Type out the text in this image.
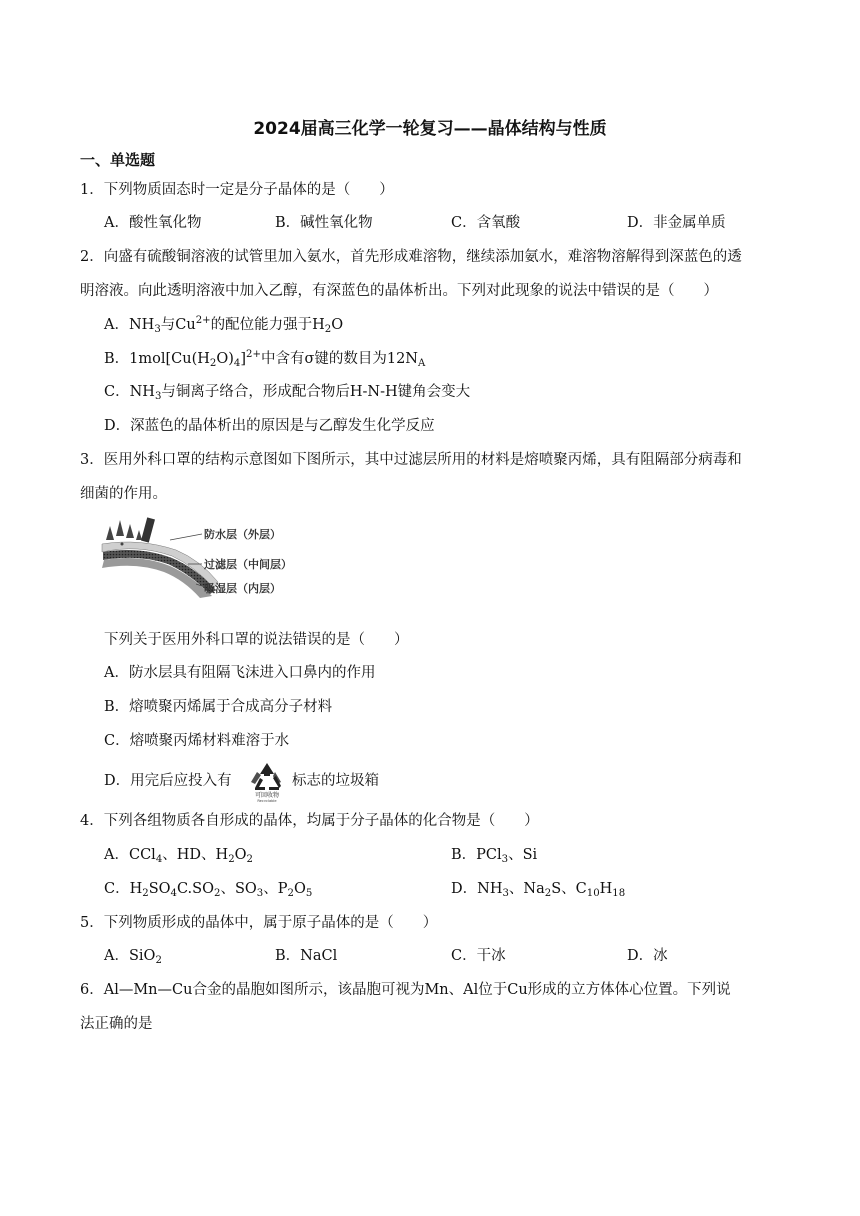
2024届高三化学一轮复习——晶体结构与性质
一、单选题
1．下列物质固态时一定是分子晶体的是（　　）
A．酸性氧化物	B．碱性氧化物	C．含氧酸	D．非金属单质
2．向盛有硫酸铜溶液的试管里加入氨水，首先形成难溶物，继续添加氨水，难溶物溶解得到深蓝色的透
明溶液。向此透明溶液中加入乙醇，有深蓝色的晶体析出。下列对此现象的说法中错误的是（　　）
A．$NH_3$与$Cu^{2+}$的配位能力强于$H_2O$
B．$1mol[Cu(H_2O)_4]^{2+}$中含有σ键的数目为$12N_A$
C．$NH_3$与铜离子络合，形成配合物后H-N-H键角会变大
D．深蓝色的晶体析出的原因是与乙醇发生化学反应
3．医用外科口罩的结构示意图如下图所示，其中过滤层所用的材料是熔喷聚丙烯，具有阻隔部分病毒和
细菌的作用。
防水层（外层）
过滤层（中间层）
吸湿层（内层）
下列关于医用外科口罩的说法错误的是（　　）
A．防水层具有阻隔飞沫进入口鼻内的作用
B．熔喷聚丙烯属于合成高分子材料
C．熔喷聚丙烯材料难溶于水
D．用完后应投入有
可回收物
Recyclable
标志的垃圾箱
4．下列各组物质各自形成的晶体，均属于分子晶体的化合物是（　　）
A．CCl$_4$、HD、$H_2O_2$	B．PCl$_3$、Si
C．$H_2SO_4C.SO_2$、$SO_3$、$P_2O_5$	D．$NH_3$、$Na_2S$、$C_{10}H_{18}$
5．下列物质形成的晶体中，属于原子晶体的是（　　）
A．SiO$_2$	B．NaCl	C．干冰	D．冰
6．Al—Mn—Cu合金的晶胞如图所示，该晶胞可视为Mn、Al位于Cu形成的立方体体心位置。下列说
法正确的是
